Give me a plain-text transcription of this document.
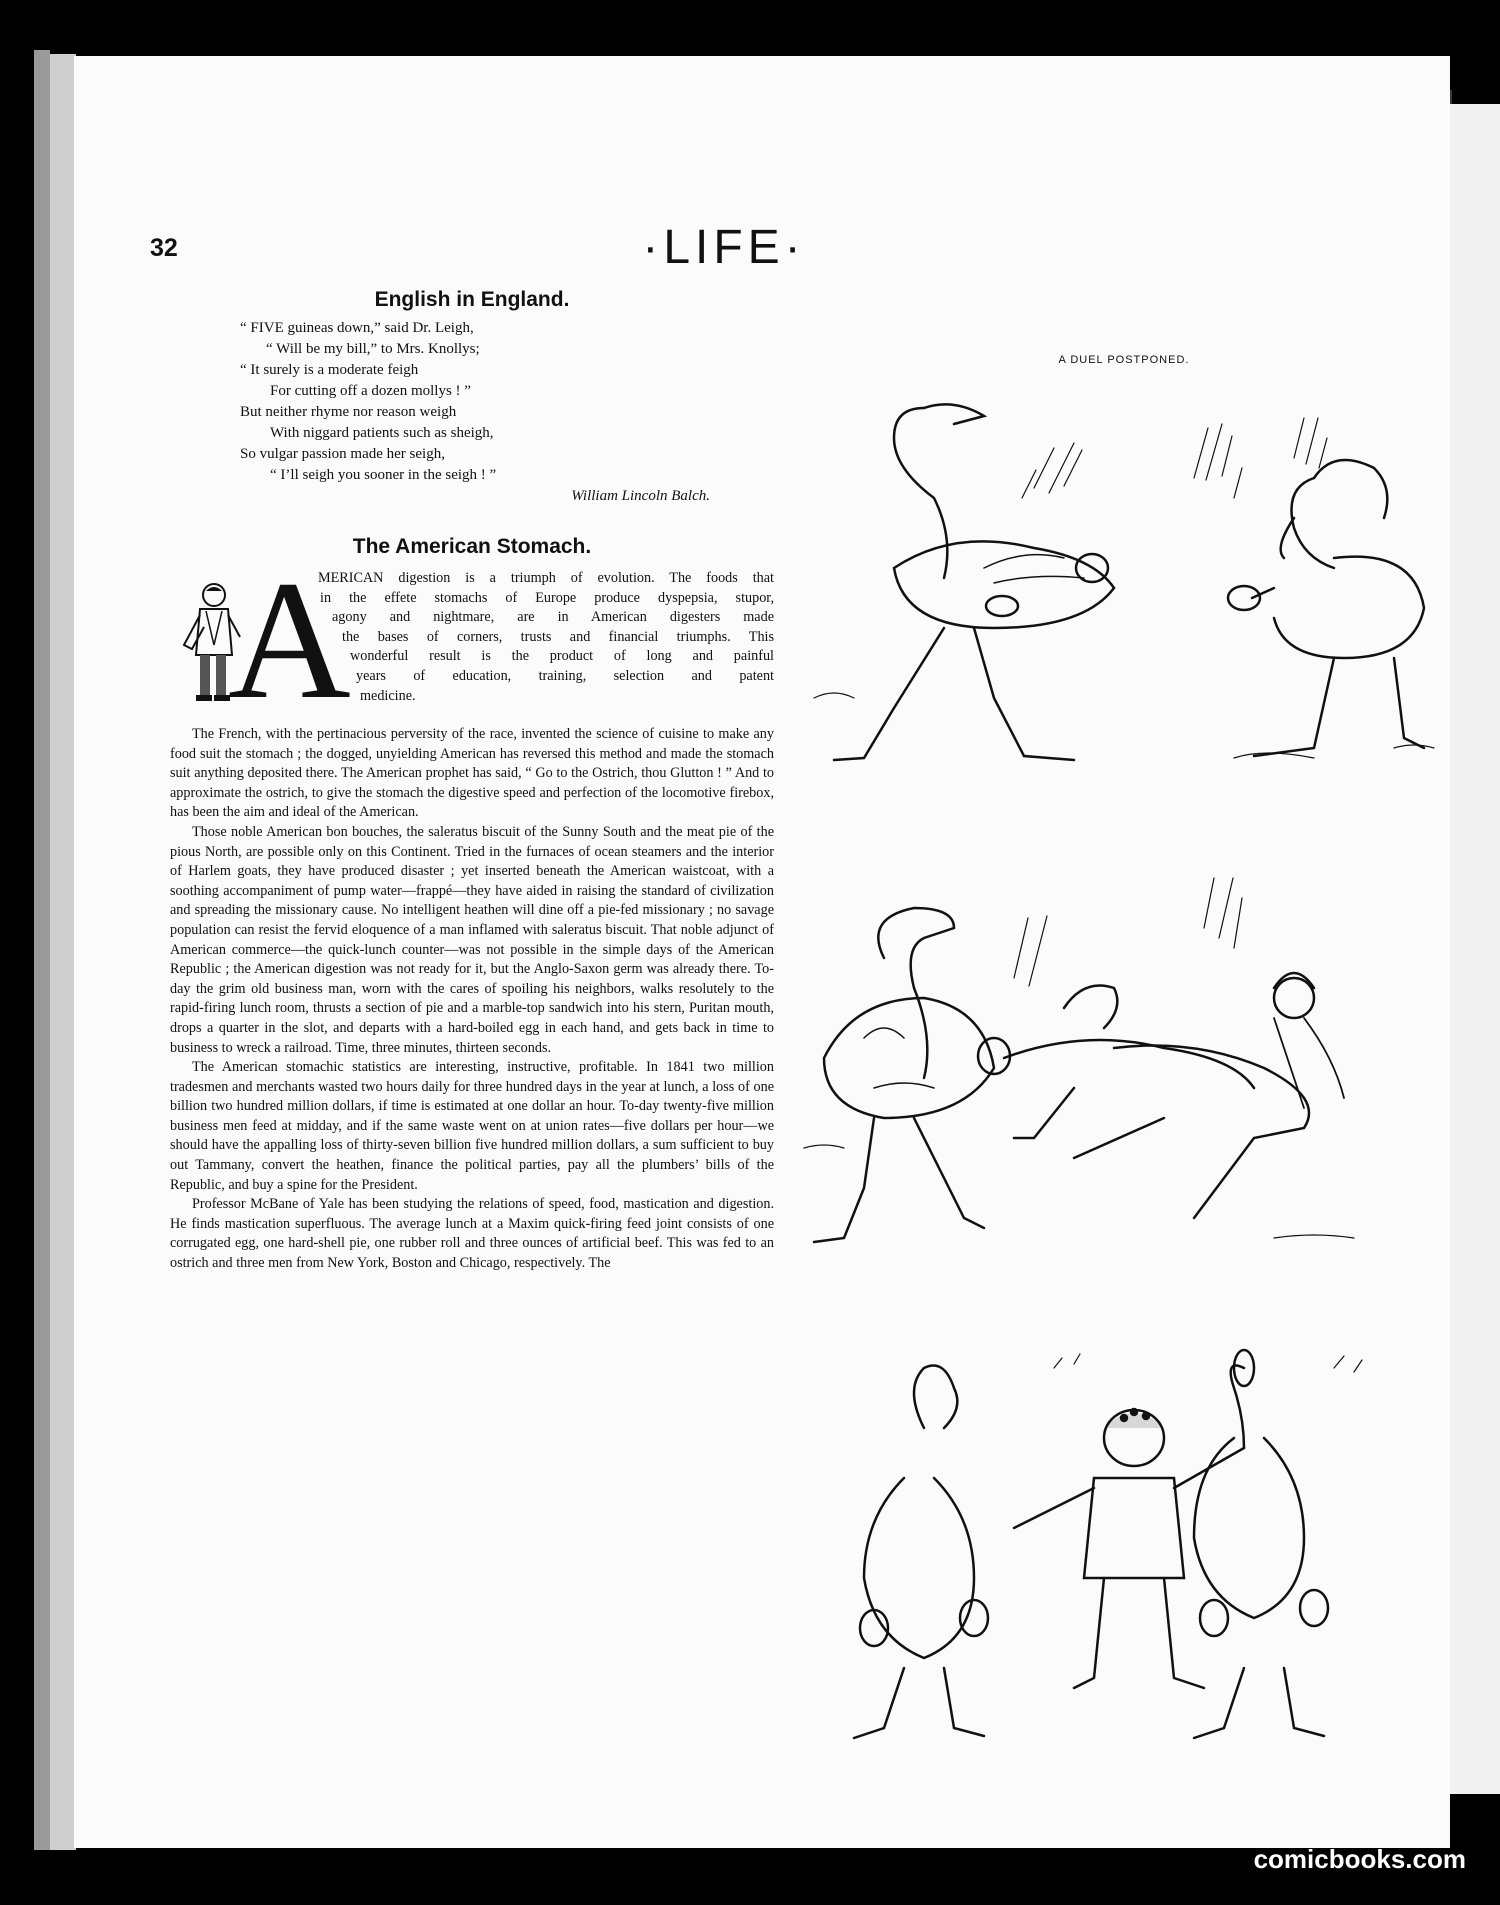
32	·LIFE·
English in England.
“ FIVE guineas down,” said Dr. Leigh,
“ Will be my bill,” to Mrs. Knollys;
“ It surely is a moderate feigh
For cutting off a dozen mollys ! ”
But neither rhyme nor reason weigh
With niggard patients such as sheigh,
So vulgar passion made her seigh,
“ I’ll seigh you sooner in the seigh ! ”
William Lincoln Balch.
The American Stomach.
A
MERICAN digestion is a triumph of evolution. The foods that
in the effete stomachs of Europe produce dyspepsia, stupor,
agony and nightmare, are in American digesters made
the bases of corners, trusts and financial triumphs. This
wonderful result is the product of long and painful
years of education, training, selection and patent
medicine.

The French, with the pertinacious perversity of the race, invented the science of cuisine to make any food suit the stomach ; the dogged, unyielding American has reversed this method and made the stomach suit anything deposited there. The American prophet has said, “ Go to the Ostrich, thou Glutton ! ” And to approximate the ostrich, to give the stomach the digestive speed and perfection of the locomotive firebox, has been the aim and ideal of the American.

Those noble American bon bouches, the saleratus biscuit of the Sunny South and the meat pie of the pious North, are possible only on this Continent. Tried in the furnaces of ocean steamers and the interior of Harlem goats, they have produced disaster ; yet inserted beneath the American waistcoat, with a soothing accompaniment of pump water—frappé—they have aided in raising the standard of civilization and spreading the missionary cause. No intelligent heathen will dine off a pie-fed missionary ; no savage population can resist the fervid eloquence of a man inflamed with saleratus biscuit. That noble adjunct of American commerce—the quick-lunch counter—was not possible in the simple days of the American Republic ; the American digestion was not ready for it, but the Anglo-Saxon germ was already there. To-day the grim old business man, worn with the cares of spoiling his neighbors, walks resolutely to the rapid-firing lunch room, thrusts a section of pie and a marble-top sandwich into his stern, Puritan mouth, drops a quarter in the slot, and departs with a hard-boiled egg in each hand, and gets back in time to business to wreck a railroad. Time, three minutes, thirteen seconds.

The American stomachic statistics are interesting, instructive, profitable. In 1841 two million tradesmen and merchants wasted two hours daily for three hundred days in the year at lunch, a loss of one billion two hundred million dollars, if time is estimated at one dollar an hour. To-day twenty-five million business men feed at midday, and if the same waste went on at union rates—five dollars per hour—we should have the appalling loss of thirty-seven billion five hundred million dollars, a sum sufficient to buy out Tammany, convert the heathen, finance the political parties, pay all the plumbers’ bills of the Republic, and buy a spine for the President.

Professor McBane of Yale has been studying the relations of speed, food, mastication and digestion. He finds mastication superfluous. The average lunch at a Maxim quick-firing feed joint consists of one corrugated egg, one hard-shell pie, one rubber roll and three ounces of artificial beef. This was fed to an ostrich and three men from New York, Boston and Chicago, respectively. The

A DUEL POSTPONED.
comicbooks.com
